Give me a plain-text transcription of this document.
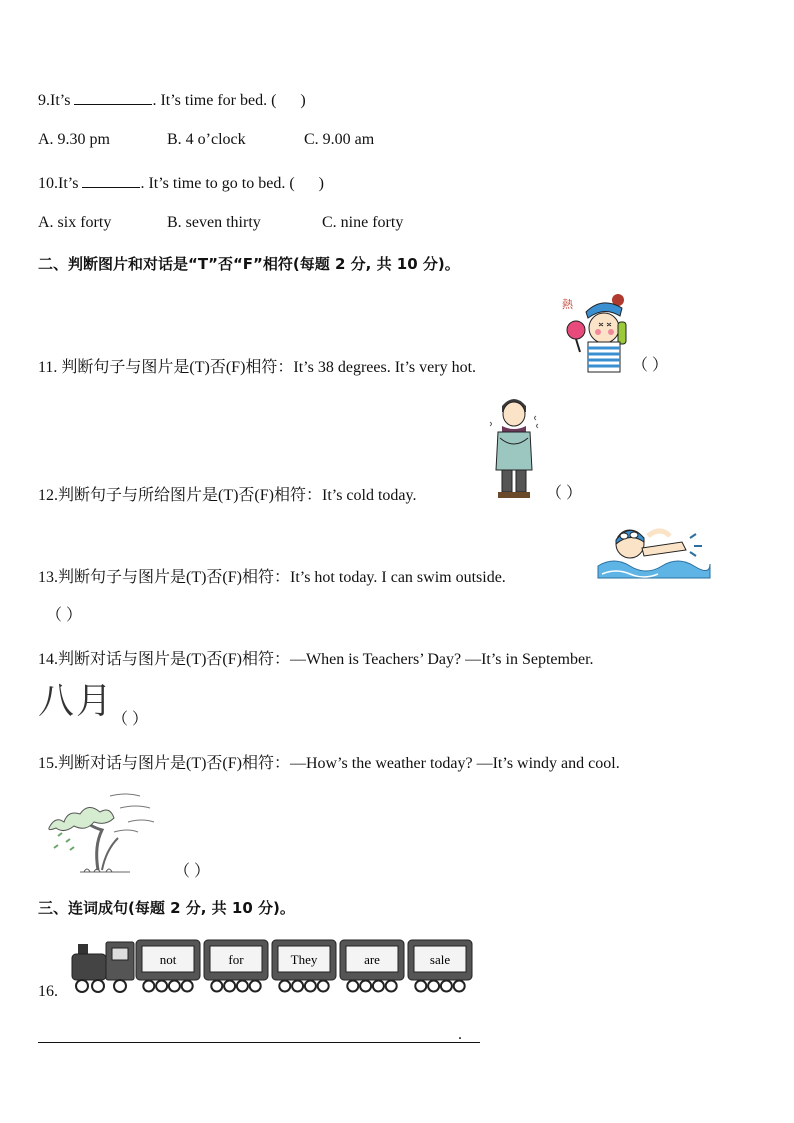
9.It’s	. It’s time for bed. ( )
A. 9.30 pm	B. 4 o’clock	C. 9.00 am
10.It’s	. It’s time to go to bed. ( )
A. six forty	B. seven thirty	C. nine forty
二、判断图片和对话是“T”否“F”相符(每题 2 分, 共 10 分)。
11. 判断句子与图片是(T)否(F)相符：It’s 38 degrees. It’s very hot.
熱
（ ）
12.判断句子与所给图片是(T)否(F)相符：It’s cold today.	（ ）
13.判断句子与图片是(T)否(F)相符：It’s hot today. I can swim outside.
（ ）
14.判断对话与图片是(T)否(F)相符：—When is Teachers’ Day? —It’s in September.
八月
（ ）
15.判断对话与图片是(T)否(F)相符：—How’s the weather today? —It’s windy and cool.
（ ）
三、连词成句(每题 2 分, 共 10 分)。
16.
not	for	They	are	sale
.
